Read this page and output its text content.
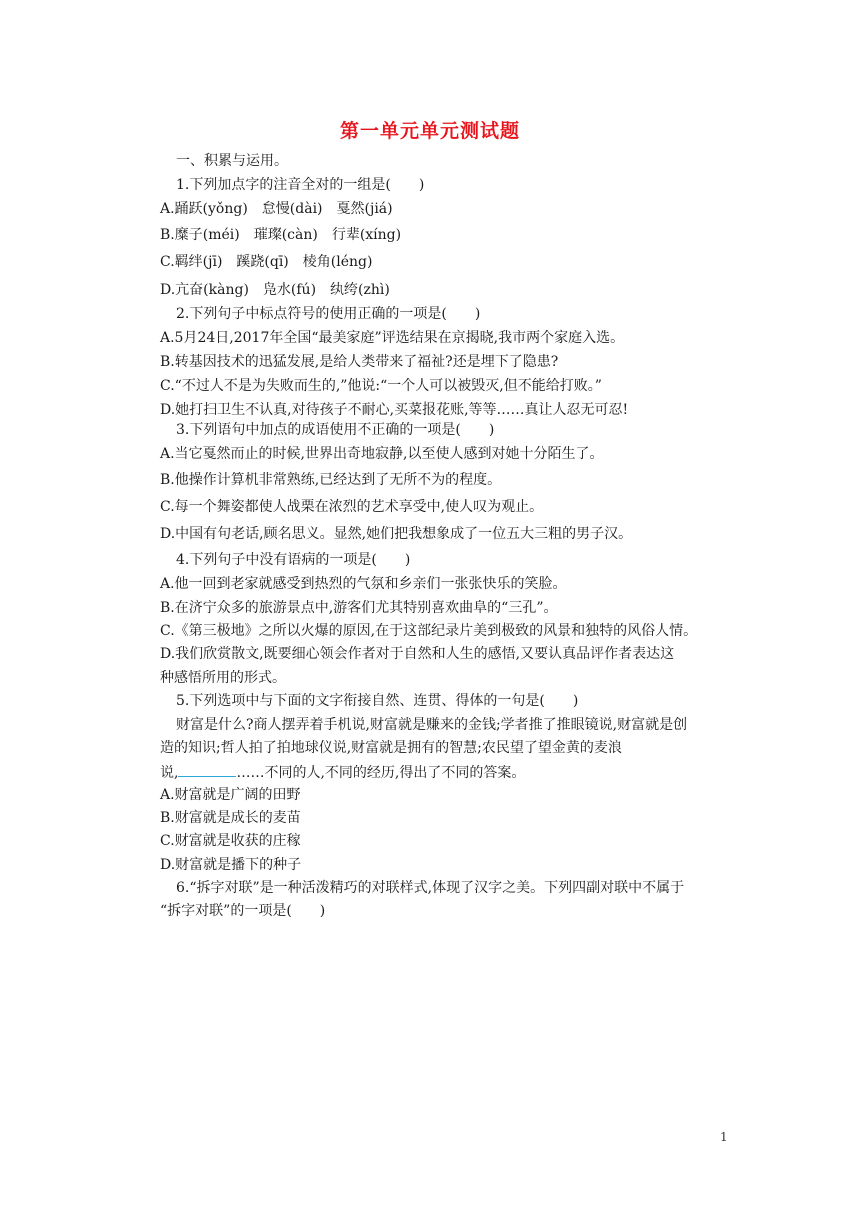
第一单元单元测试题
一、积累与运用。
1.下列加点字的注音全对的一组是(　　)
A.踊跃(yǒng)　怠慢(dài)　戛然(jiá)
B.糜子(méi)　璀璨(càn)　行辈(xíng)
C.羁绊(jī)　蹊跷(qī)　棱角(léng)
D.亢奋(kàng)　凫水(fú)　纨绔(zhì)
2.下列句子中标点符号的使用正确的一项是(　　)
A.5月24日,2017年全国“最美家庭”评选结果在京揭晓,我市两个家庭入选。
B.转基因技术的迅猛发展,是给人类带来了福祉?还是埋下了隐患?
C.“不过人不是为失败而生的,”他说:“一个人可以被毁灭,但不能给打败。”
D.她打扫卫生不认真,对待孩子不耐心,买菜报花账,等等……真让人忍无可忍!
3.下列语句中加点的成语使用不正确的一项是(　　)
A.当它戛然而止的时候,世界出奇地寂静,以至使人感到对她十分陌生了。
B.他操作计算机非常熟练,已经达到了无所不为的程度。
C.每一个舞姿都使人战栗在浓烈的艺术享受中,使人叹为观止。
D.中国有句老话,顾名思义。显然,她们把我想象成了一位五大三粗的男子汉。
4.下列句子中没有语病的一项是(　　)
A.他一回到老家就感受到热烈的气氛和乡亲们一张张快乐的笑脸。
B.在济宁众多的旅游景点中,游客们尤其特别喜欢曲阜的“三孔”。
C.《第三极地》之所以火爆的原因,在于这部纪录片美到极致的风景和独特的风俗人情。
D.我们欣赏散文,既要细心领会作者对于自然和人生的感悟,又要认真品评作者表达这
种感悟所用的形式。
5.下列选项中与下面的文字衔接自然、连贯、得体的一句是(　　)
财富是什么?商人摆弄着手机说,财富就是赚来的金钱;学者推了推眼镜说,财富就是创
造的知识;哲人拍了拍地球仪说,财富就是拥有的智慧;农民望了望金黄的麦浪
说,	……不同的人,不同的经历,得出了不同的答案。
A.财富就是广阔的田野
B.财富就是成长的麦苗
C.财富就是收获的庄稼
D.财富就是播下的种子
6.“拆字对联”是一种活泼精巧的对联样式,体现了汉字之美。下列四副对联中不属于
“拆字对联”的一项是(　　)
1
